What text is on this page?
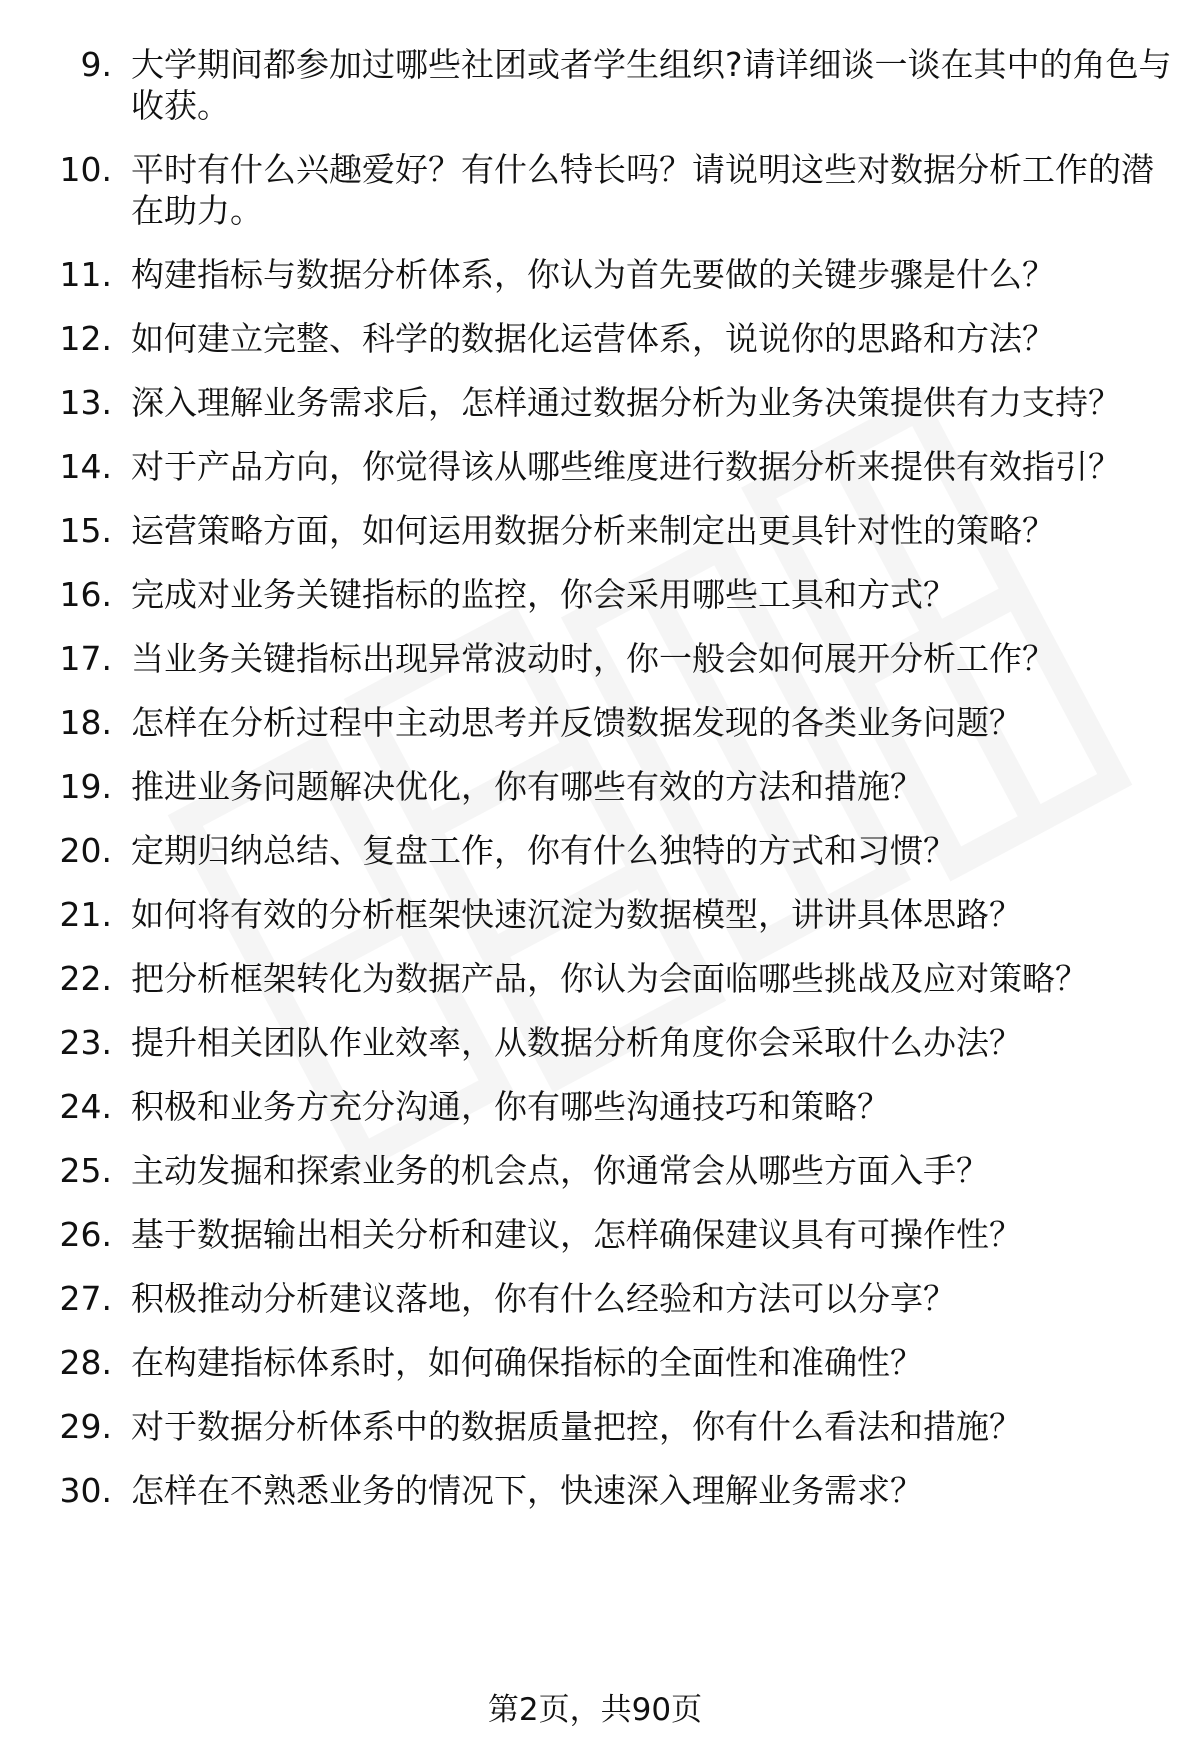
9. 大学期间都参加过哪些社团或者学生组织?请详细谈一谈在其中的角色与收获。
10. 平时有什么兴趣爱好？有什么特长吗？请说明这些对数据分析工作的潜在助力。
11. 构建指标与数据分析体系，你认为首先要做的关键步骤是什么？
12. 如何建立完整、科学的数据化运营体系，说说你的思路和方法？
13. 深入理解业务需求后，怎样通过数据分析为业务决策提供有力支持？
14. 对于产品方向，你觉得该从哪些维度进行数据分析来提供有效指引？
15. 运营策略方面，如何运用数据分析来制定出更具针对性的策略？
16. 完成对业务关键指标的监控，你会采用哪些工具和方式？
17. 当业务关键指标出现异常波动时，你一般会如何展开分析工作？
18. 怎样在分析过程中主动思考并反馈数据发现的各类业务问题？
19. 推进业务问题解决优化，你有哪些有效的方法和措施？
20. 定期归纳总结、复盘工作，你有什么独特的方式和习惯？
21. 如何将有效的分析框架快速沉淀为数据模型，讲讲具体思路？
22. 把分析框架转化为数据产品，你认为会面临哪些挑战及应对策略？
23. 提升相关团队作业效率，从数据分析角度你会采取什么办法？
24. 积极和业务方充分沟通，你有哪些沟通技巧和策略？
25. 主动发掘和探索业务的机会点，你通常会从哪些方面入手？
26. 基于数据输出相关分析和建议，怎样确保建议具有可操作性？
27. 积极推动分析建议落地，你有什么经验和方法可以分享？
28. 在构建指标体系时，如何确保指标的全面性和准确性？
29. 对于数据分析体系中的数据质量把控，你有什么看法和措施？
30. 怎样在不熟悉业务的情况下，快速深入理解业务需求？
第2页，共90页
